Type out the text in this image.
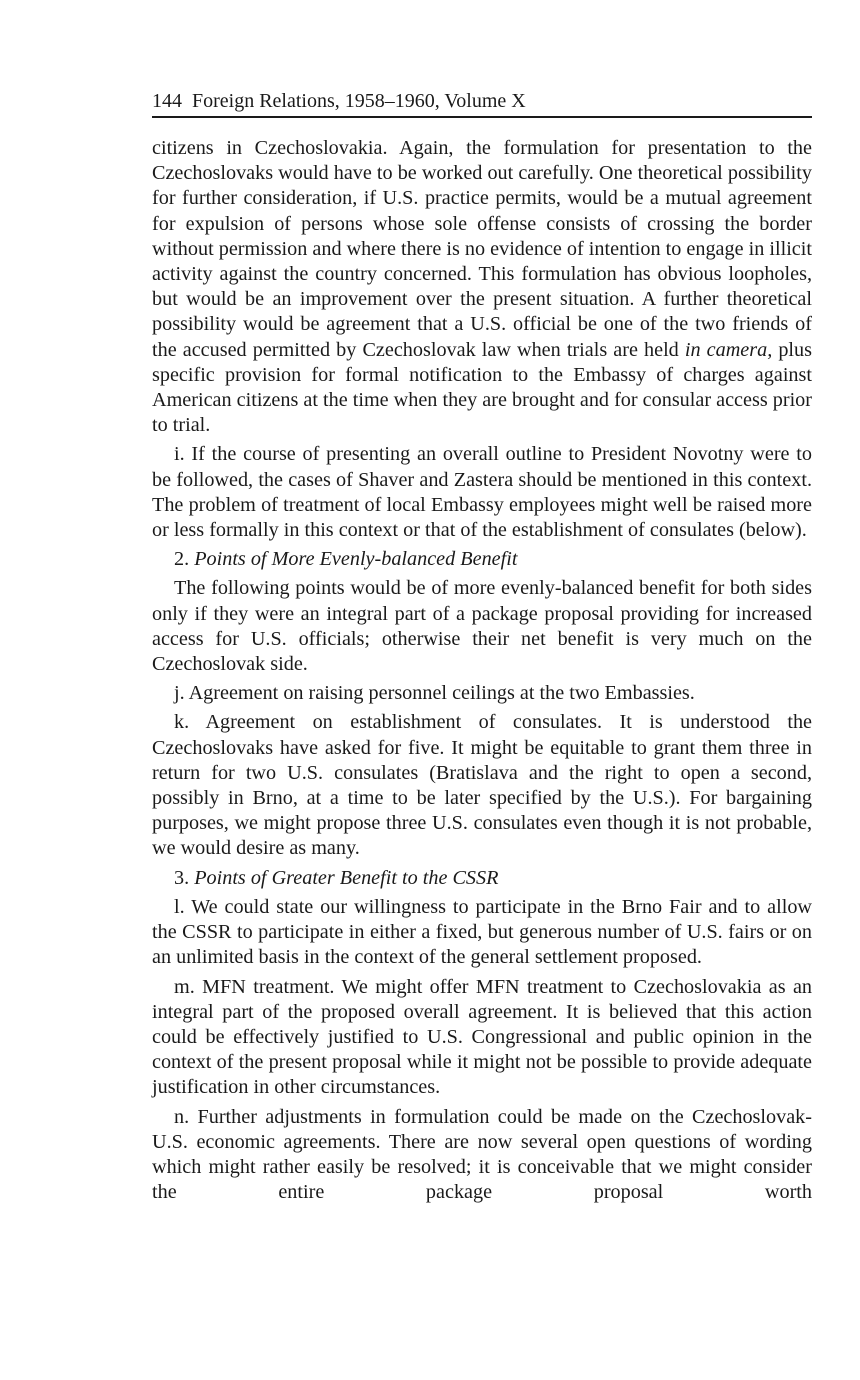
144 Foreign Relations, 1958–1960, Volume X

citizens in Czechoslovakia. Again, the formulation for presentation to the Czechoslovaks would have to be worked out carefully. One theoretical possibility for further consideration, if U.S. practice permits, would be a mutual agreement for expulsion of persons whose sole offense consists of crossing the border without permission and where there is no evidence of intention to engage in illicit activity against the country concerned. This formulation has obvious loopholes, but would be an improvement over the present situation. A further theoretical possibility would be agreement that a U.S. official be one of the two friends of the accused permitted by Czechoslovak law when trials are held in camera, plus specific provision for formal notification to the Embassy of charges against American citizens at the time when they are brought and for consular access prior to trial.

i. If the course of presenting an overall outline to President Novotny were to be followed, the cases of Shaver and Zastera should be mentioned in this context. The problem of treatment of local Embassy employees might well be raised more or less formally in this context or that of the establishment of consulates (below).

2. Points of More Evenly-balanced Benefit

The following points would be of more evenly-balanced benefit for both sides only if they were an integral part of a package proposal providing for increased access for U.S. officials; otherwise their net benefit is very much on the Czechoslovak side.

j. Agreement on raising personnel ceilings at the two Embassies.

k. Agreement on establishment of consulates. It is understood the Czechoslovaks have asked for five. It might be equitable to grant them three in return for two U.S. consulates (Bratislava and the right to open a second, possibly in Brno, at a time to be later specified by the U.S.). For bargaining purposes, we might propose three U.S. consulates even though it is not probable, we would desire as many.

3. Points of Greater Benefit to the CSSR

l. We could state our willingness to participate in the Brno Fair and to allow the CSSR to participate in either a fixed, but generous number of U.S. fairs or on an unlimited basis in the context of the general settlement proposed.

m. MFN treatment. We might offer MFN treatment to Czechoslovakia as an integral part of the proposed overall agreement. It is believed that this action could be effectively justified to U.S. Congressional and public opinion in the context of the present proposal while it might not be possible to provide adequate justification in other circumstances.

n. Further adjustments in formulation could be made on the Czechoslovak-U.S. economic agreements. There are now several open questions of wording which might rather easily be resolved; it is conceivable that we might consider the entire package proposal worth
